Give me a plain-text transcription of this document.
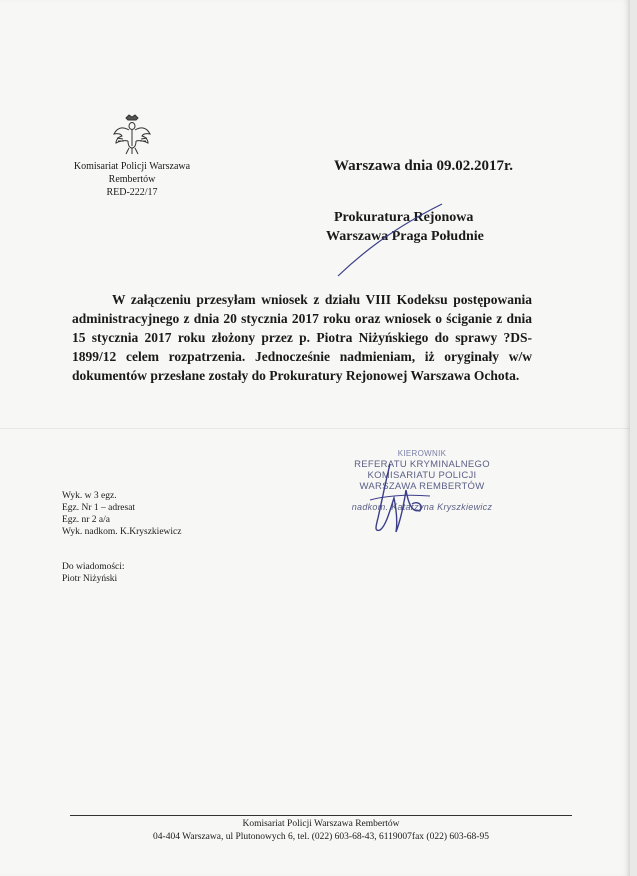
Komisariat Policji Warszawa
Rembertów
RED-222/17
Warszawa dnia 09.02.2017r.
Prokuratura Rejonowa
Warszawa Praga Południe
W załączeniu przesyłam wniosek z działu VIII Kodeksu postępowania administracyjnego z dnia 20 stycznia 2017 roku oraz wniosek o ściganie z dnia 15 stycznia 2017 roku złożony przez p. Piotra Niżyńskiego do sprawy ?DS-1899/12 celem rozpatrzenia. Jednocześnie nadmieniam, iż oryginały w/w dokumentów przesłane zostały do Prokuratury Rejonowej Warszawa Ochota.
KIEROWNIK
REFERATU KRYMINALNEGO
KOMISARIATU POLICJI
WARSZAWA REMBERTÓW
nadkom. Katarzyna Kryszkiewicz
Wyk. w 3 egz.
Egz. Nr 1 – adresat
Egz. nr 2 a/a
Wyk. nadkom. K.Kryszkiewicz
Do wiadomości:
Piotr Niżyński
Komisariat Policji Warszawa Rembertów
04-404 Warszawa, ul Plutonowych 6, tel. (022) 603-68-43, 6119007fax (022) 603-68-95
